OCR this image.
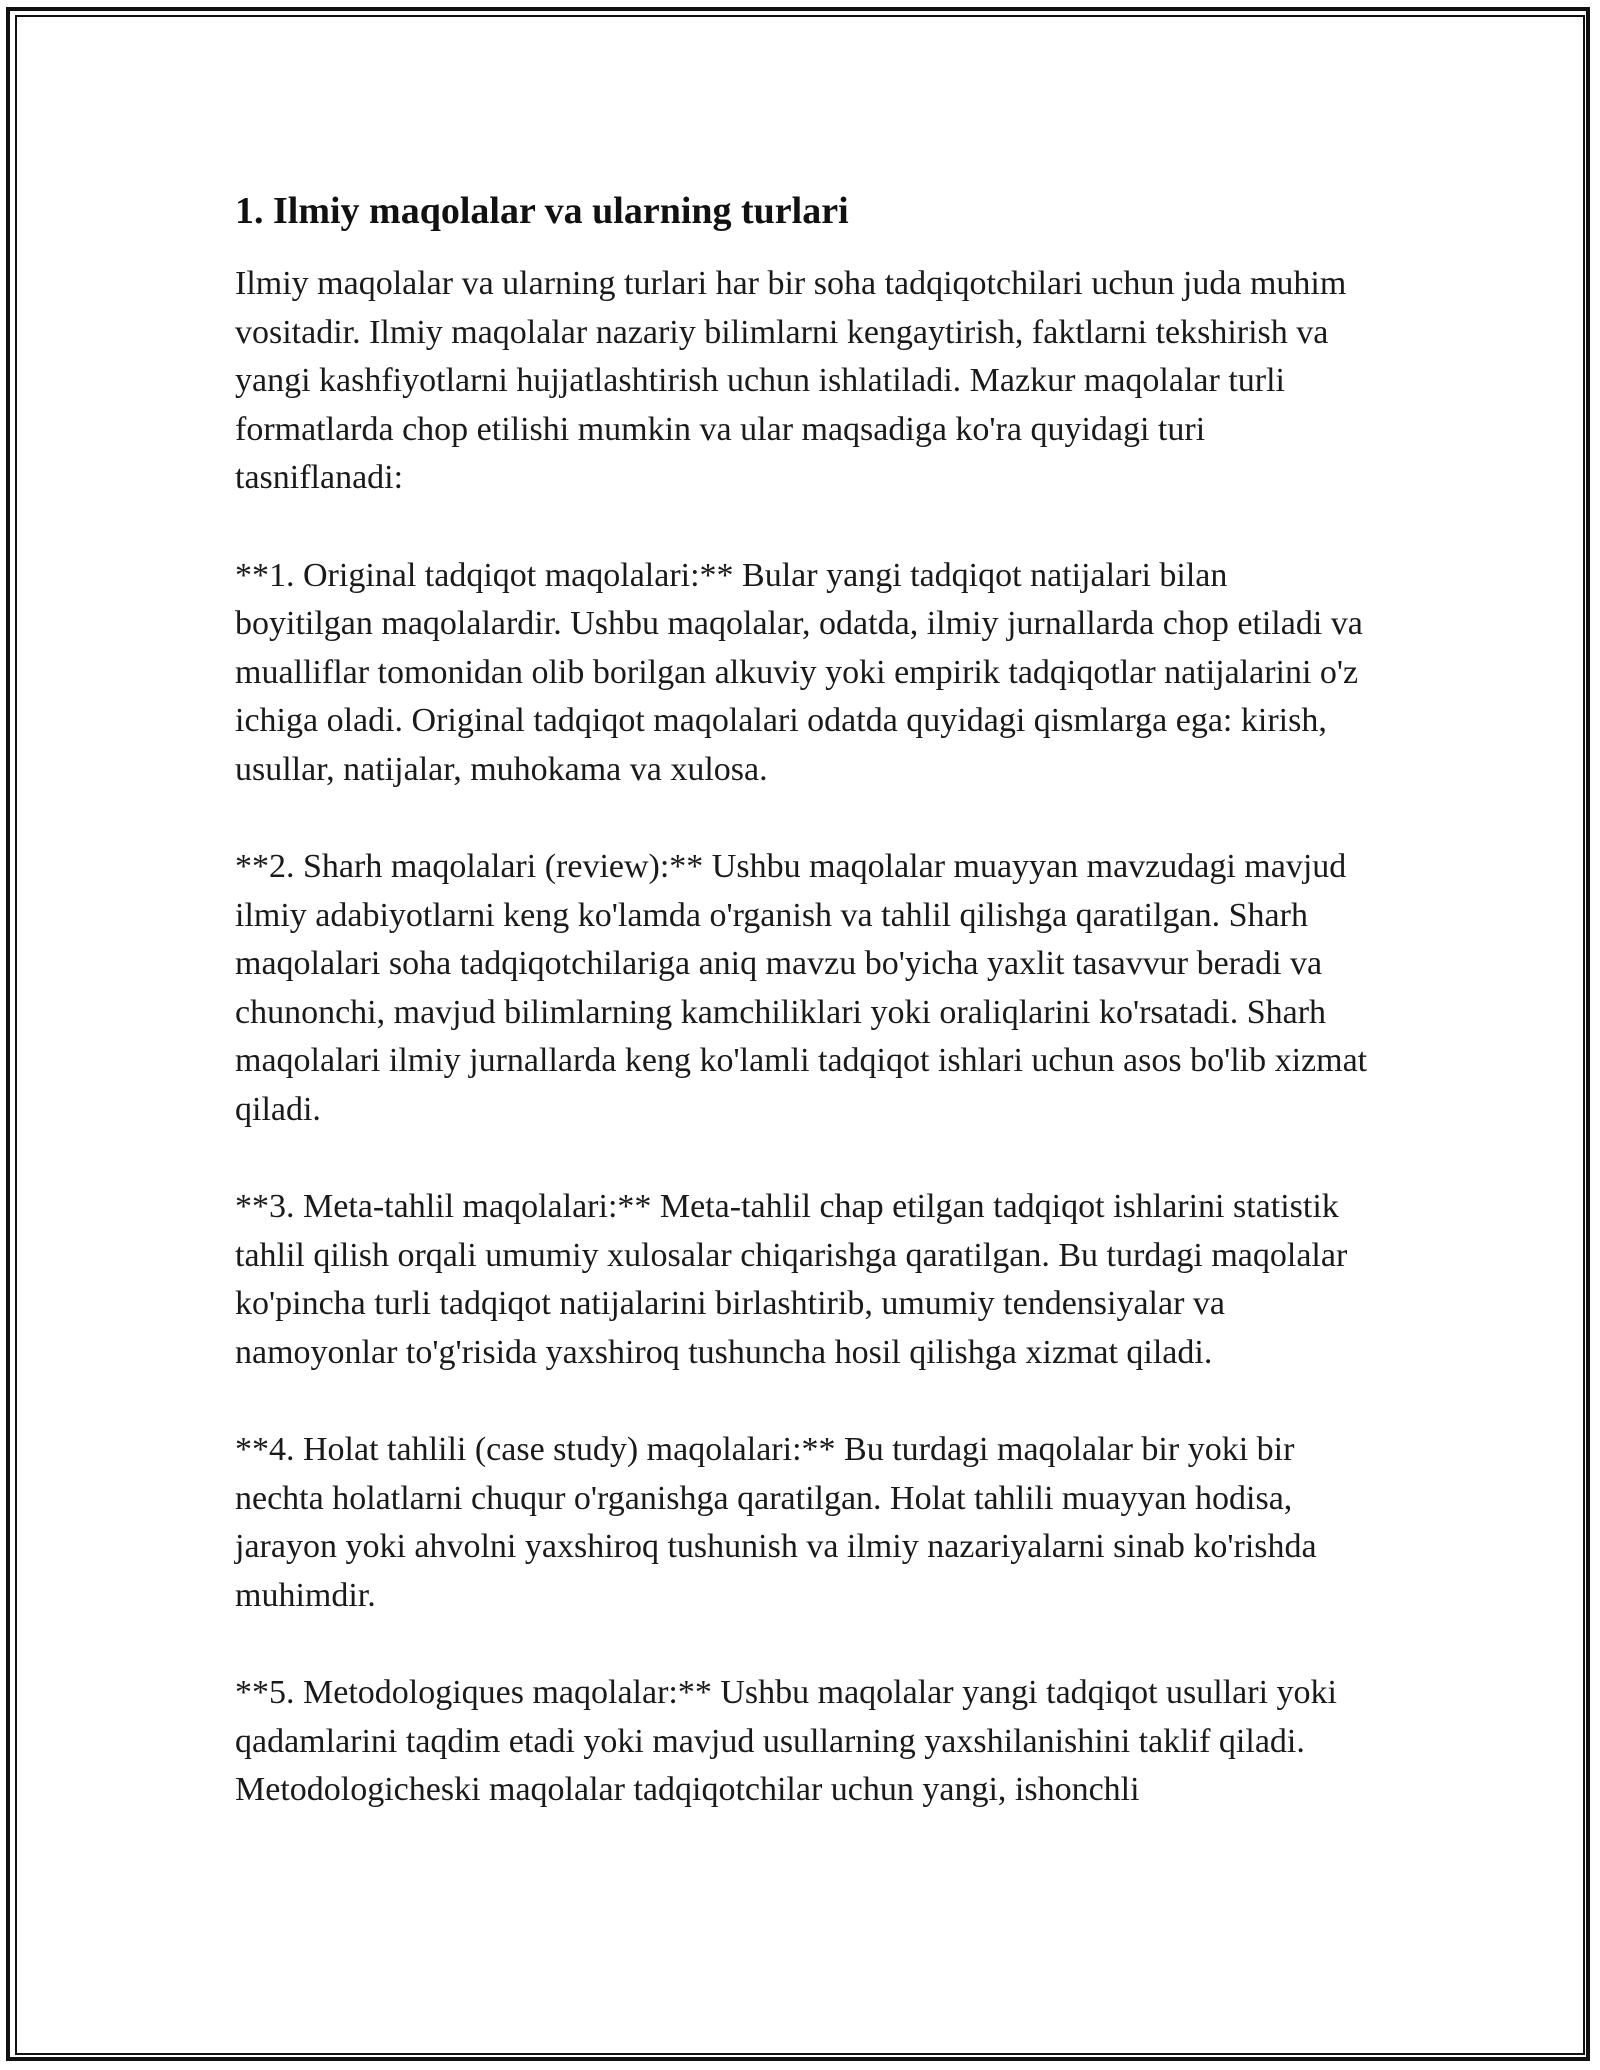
1. Ilmiy maqolalar va ularning turlari

Ilmiy maqolalar va ularning turlari har bir soha tadqiqotchilari uchun juda muhim vositadir. Ilmiy maqolalar nazariy bilimlarni kengaytirish, faktlarni tekshirish va yangi kashfiyotlarni hujjatlashtirish uchun ishlatiladi. Mazkur maqolalar turli formatlarda chop etilishi mumkin va ular maqsadiga ko'ra quyidagi turi tasniflanadi:

**1. Original tadqiqot maqolalari:** Bular yangi tadqiqot natijalari bilan boyitilgan maqolalardir. Ushbu maqolalar, odatda, ilmiy jurnallarda chop etiladi va mualliflar tomonidan olib borilgan alkuviy yoki empirik tadqiqotlar natijalarini o'z ichiga oladi. Original tadqiqot maqolalari odatda quyidagi qismlarga ega: kirish, usullar, natijalar, muhokama va xulosa.

**2. Sharh maqolalari (review):** Ushbu maqolalar muayyan mavzudagi mavjud ilmiy adabiyotlarni keng ko'lamda o'rganish va tahlil qilishga qaratilgan. Sharh maqolalari soha tadqiqotchilariga aniq mavzu bo'yicha yaxlit tasavvur beradi va chunonchi, mavjud bilimlarning kamchiliklari yoki oraliqlarini ko'rsatadi. Sharh maqolalari ilmiy jurnallarda keng ko'lamli tadqiqot ishlari uchun asos bo'lib xizmat qiladi.

**3. Meta-tahlil maqolalari:** Meta-tahlil chap etilgan tadqiqot ishlarini statistik tahlil qilish orqali umumiy xulosalar chiqarishga qaratilgan. Bu turdagi maqolalar ko'pincha turli tadqiqot natijalarini birlashtirib, umumiy tendensiyalar va namoyonlar to'g'risida yaxshiroq tushuncha hosil qilishga xizmat qiladi.

**4. Holat tahlili (case study) maqolalari:** Bu turdagi maqolalar bir yoki bir nechta holatlarni chuqur o'rganishga qaratilgan. Holat tahlili muayyan hodisa, jarayon yoki ahvolni yaxshiroq tushunish va ilmiy nazariyalarni sinab ko'rishda muhimdir.

**5. Metodologiques maqolalar:** Ushbu maqolalar yangi tadqiqot usullari yoki qadamlarini taqdim etadi yoki mavjud usullarning yaxshilanishini taklif qiladi. Metodologicheski maqolalar tadqiqotchilar uchun yangi, ishonchli
